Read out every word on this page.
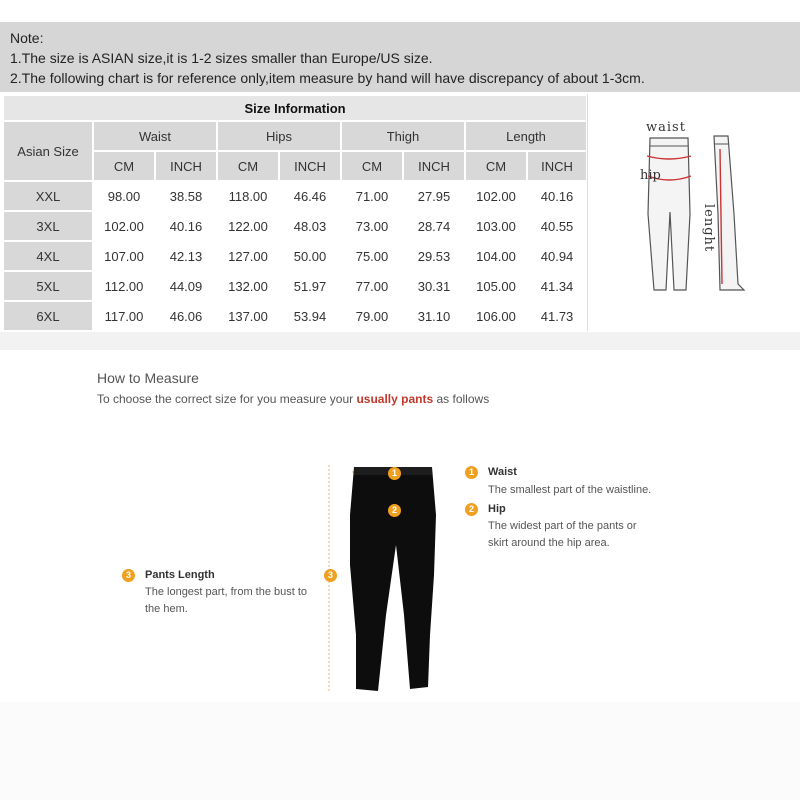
Note:
1.The size is ASIAN size,it is 1-2 sizes smaller than Europe/US size.
2.The following chart is for reference only,item measure by hand will have discrepancy of about 1-3cm.
Size Information								
Asian Size	Waist		Hips		Thigh		Length	
	CM	INCH	CM	INCH	CM	INCH	CM	INCH
XXL	98.00	38.58	118.00	46.46	71.00	27.95	102.00	40.16
3XL	102.00	40.16	122.00	48.03	73.00	28.74	103.00	40.55
4XL	107.00	42.13	127.00	50.00	75.00	29.53	104.00	40.94
5XL	112.00	44.09	132.00	51.97	77.00	30.31	105.00	41.34
6XL	117.00	46.06	137.00	53.94	79.00	31.10	106.00	41.73
waist
hip
lenght
How to Measure
To choose the correct size for you measure your usually pants as follows
1
2
3
1	Waist
The smallest part of the waistline.
2	Hip
The widest part of the pants or
skirt around the hip area.
3	Pants Length
The longest part, from the bust to
the hem.
